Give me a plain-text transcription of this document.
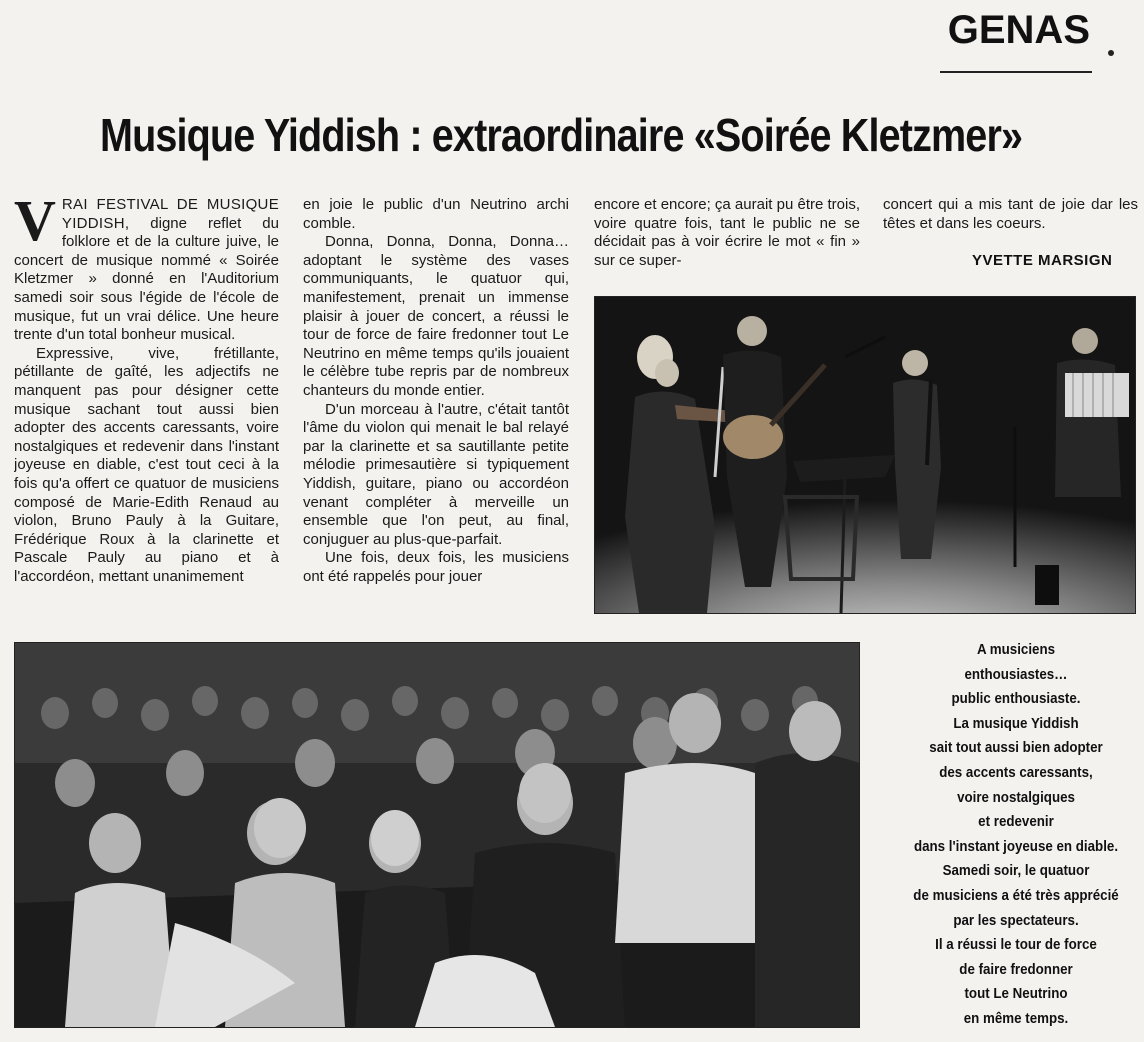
GENAS
Musique Yiddish : extraordinaire «Soirée Kletzmer»

VRAI FESTIVAL DE MUSIQUE YIDDISH, digne reflet du folklore et de la culture juive, le concert de musique nommé « Soirée Kletzmer » donné en l'Auditorium samedi soir sous l'égide de l'école de musique, fut un vrai délice. Une heure trente d'un total bonheur musical.

Expressive, vive, frétillante, pétillante de gaîté, les adjectifs ne manquent pas pour désigner cette musique sachant tout aussi bien adopter des accents caressants, voire nostalgiques et redevenir dans l'instant joyeuse en diable, c'est tout ceci à la fois qu'a offert ce quatuor de musiciens composé de Marie-Edith Renaud au violon, Bruno Pauly à la Guitare, Frédérique Roux à la clarinette et Pascale Pauly au piano et à l'accordéon, mettant unanimement

en joie le public d'un Neutrino archi comble.

Donna, Donna, Donna, Donna… adoptant le système des vases communiquants, le quatuor qui, manifestement, prenait un immense plaisir à jouer de concert, a réussi le tour de force de faire fredonner tout Le Neutrino en même temps qu'ils jouaient le célèbre tube repris par de nombreux chanteurs du monde entier.

D'un morceau à l'autre, c'était tantôt l'âme du violon qui menait le bal relayé par la clarinette et sa sautillante petite mélodie primesautière si typiquement Yiddish, guitare, piano ou accordéon venant compléter à merveille un ensemble que l'on peut, au final, conjuguer au plus-que-parfait.

Une fois, deux fois, les musiciens ont été rappelés pour jouer

encore et encore; ça aurait pu être trois, voire quatre fois, tant le public ne se décidait pas à voir écrire le mot « fin » sur ce super-

concert qui a mis tant de joie dar les têtes et dans les coeurs.

YVETTE MARSIGN
A musiciens
enthousiastes…
public enthousiaste.
La musique Yiddish
sait tout aussi bien adopter
des accents caressants,
voire nostalgiques
et redevenir
dans l'instant joyeuse en diable.
Samedi soir, le quatuor
de musiciens a été très apprécié
par les spectateurs.
Il a réussi le tour de force
de faire fredonner
tout Le Neutrino
en même temps.
